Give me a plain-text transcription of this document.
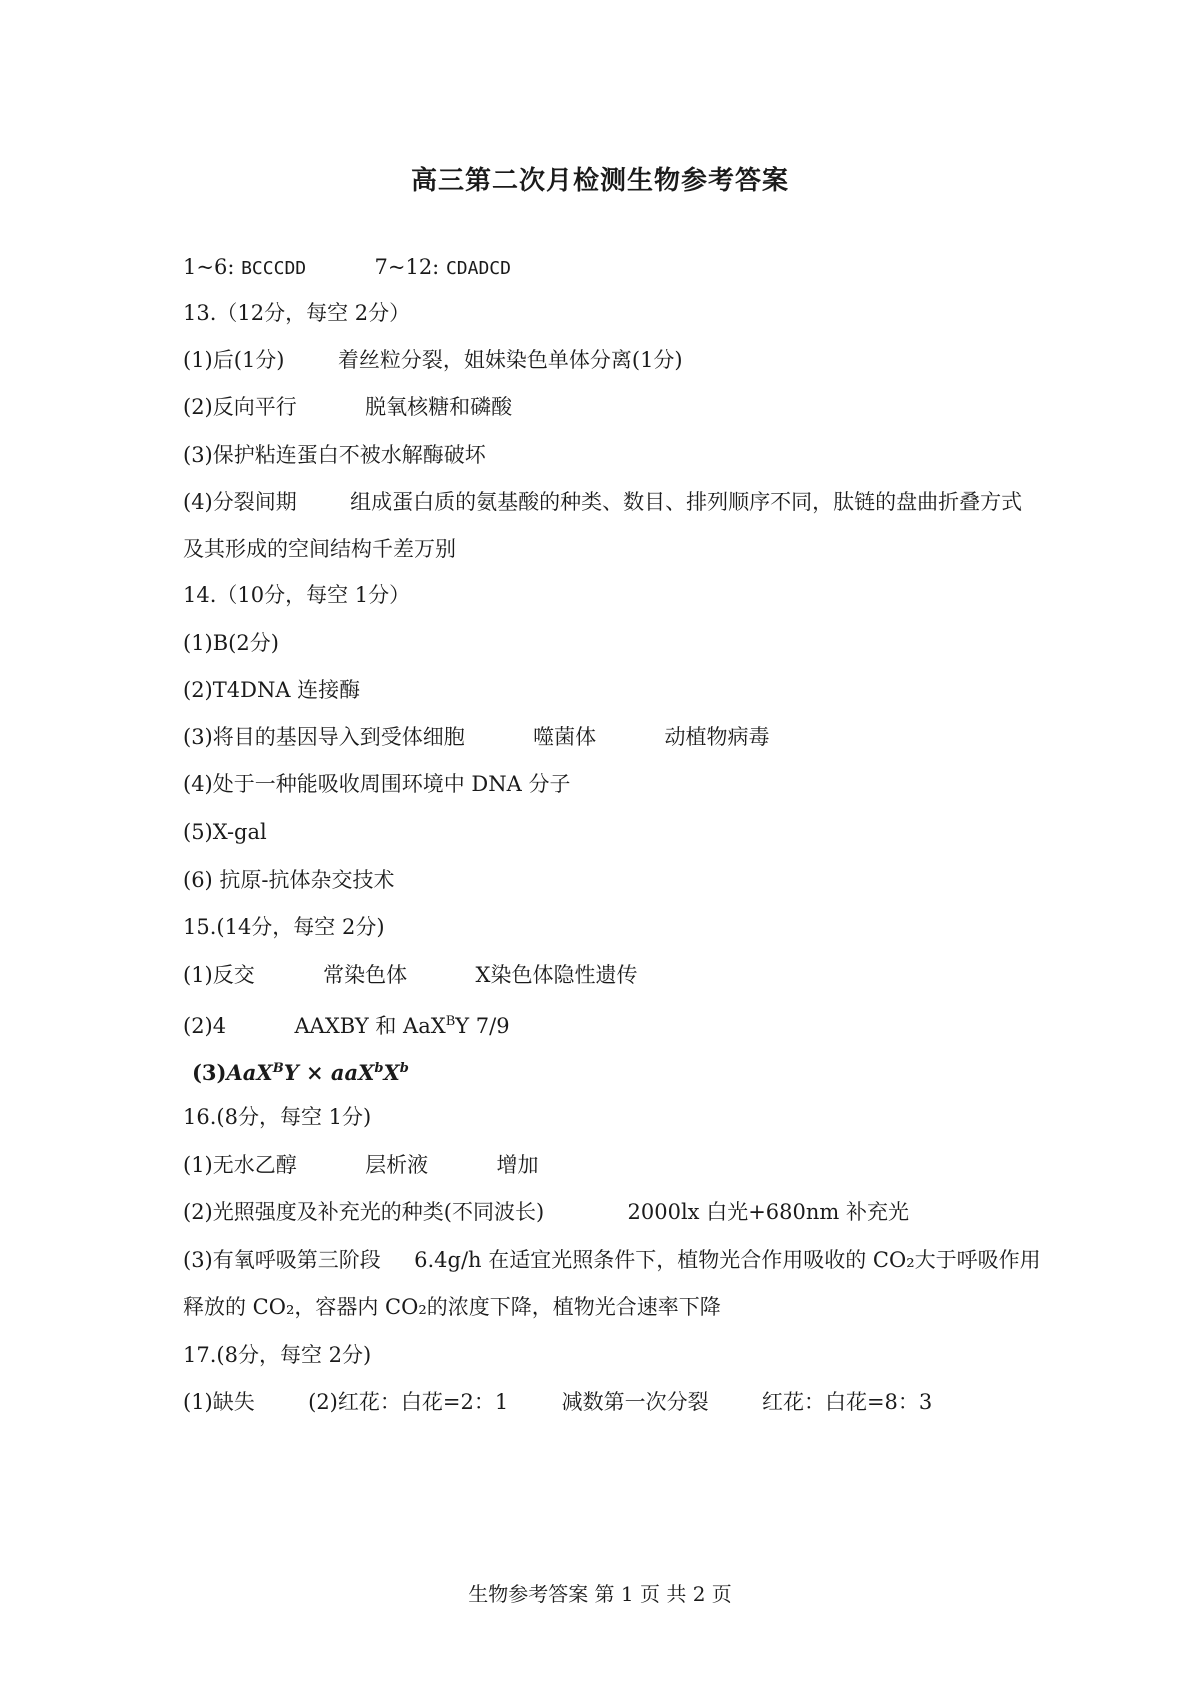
高三第二次月检测生物参考答案
1~6: BCCCDD	7~12: CDADCD
13.（12分，每空 2分）
(1)后(1分)	着丝粒分裂，姐妹染色单体分离(1分)
(2)反向平行	脱氧核糖和磷酸
(3)保护粘连蛋白不被水解酶破坏
(4)分裂间期	组成蛋白质的氨基酸的种类、数目、排列顺序不同，肽链的盘曲折叠方式
及其形成的空间结构千差万别
14.（10分，每空 1分）
(1)B(2分)
(2)T4DNA 连接酶
(3)将目的基因导入到受体细胞	噬菌体	动植物病毒
(4)处于一种能吸收周围环境中 DNA 分子
(5)X-gal
(6) 抗原-抗体杂交技术
15.(14分，每空 2分)
(1)反交	常染色体	X染色体隐性遗传
(2)4	AAXBY 和 AaX$^B$Y 7/9
$(3)AaX^BY \times aaX^bX^b$
16.(8分，每空 1分)
(1)无水乙醇	层析液	增加
(2)光照强度及补充光的种类(不同波长)	2000lx 白光+680nm 补充光
(3)有氧呼吸第三阶段 6.4g/h 在适宜光照条件下，植物光合作用吸收的 CO₂大于呼吸作用
释放的 CO₂，容器内 CO₂的浓度下降，植物光合速率下降
17.(8分，每空 2分)
(1)缺失	(2)红花：白花=2：1	减数第一次分裂	红花：白花=8：3
生物参考答案 第 1 页 共 2 页
